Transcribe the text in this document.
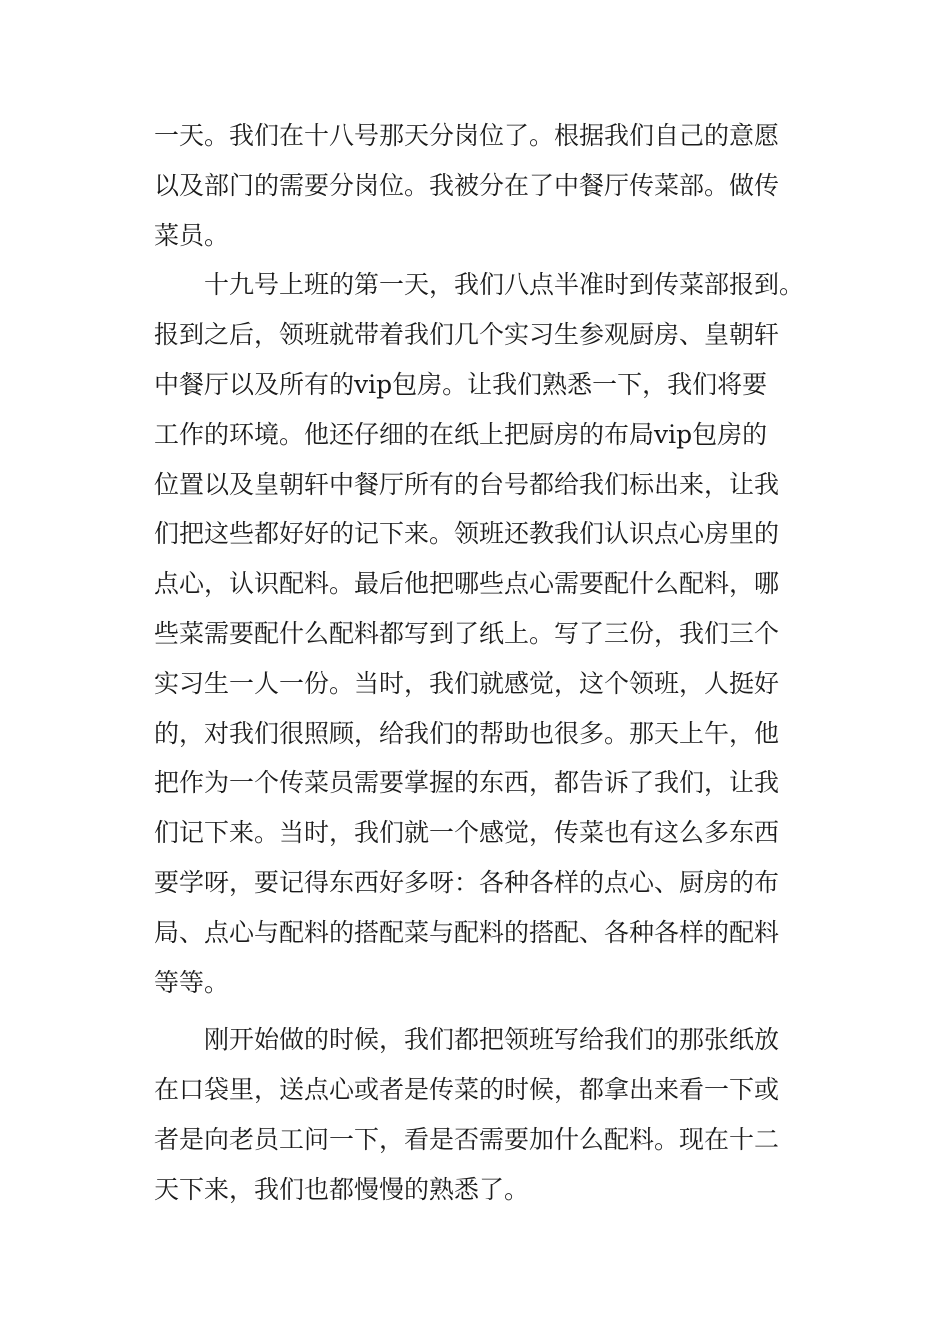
一天。我们在十八号那天分岗位了。根据我们自己的意愿
以及部门的需要分岗位。我被分在了中餐厅传菜部。做传
菜员。
十九号上班的第一天，我们八点半准时到传菜部报到。
报到之后，领班就带着我们几个实习生参观厨房、皇朝轩
中餐厅以及所有的vip包房。让我们熟悉一下，我们将要
工作的环境。他还仔细的在纸上把厨房的布局vip包房的
位置以及皇朝轩中餐厅所有的台号都给我们标出来，让我
们把这些都好好的记下来。领班还教我们认识点心房里的
点心，认识配料。最后他把哪些点心需要配什么配料，哪
些菜需要配什么配料都写到了纸上。写了三份，我们三个
实习生一人一份。当时，我们就感觉，这个领班，人挺好
的，对我们很照顾，给我们的帮助也很多。那天上午，他
把作为一个传菜员需要掌握的东西，都告诉了我们，让我
们记下来。当时，我们就一个感觉，传菜也有这么多东西
要学呀，要记得东西好多呀：各种各样的点心、厨房的布
局、点心与配料的搭配菜与配料的搭配、各种各样的配料
等等。
刚开始做的时候，我们都把领班写给我们的那张纸放
在口袋里，送点心或者是传菜的时候，都拿出来看一下或
者是向老员工问一下，看是否需要加什么配料。现在十二
天下来，我们也都慢慢的熟悉了。
